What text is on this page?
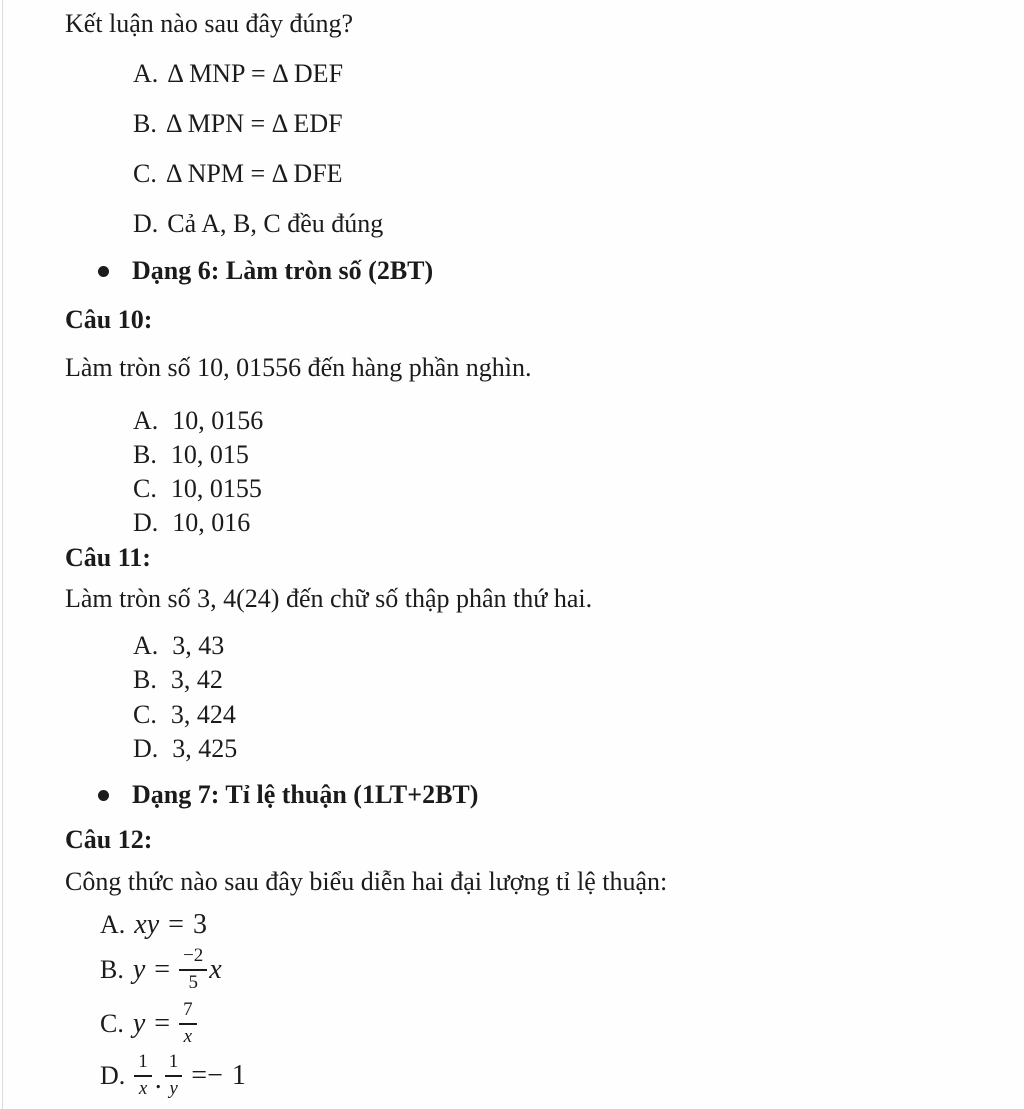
Kết luận nào sau đây đúng?
A. Δ MNP = Δ DEF
B. Δ MPN = Δ EDF
C. Δ NPM = Δ DFE
D. Cả A, B, C đều đúng
Dạng 6: Làm tròn số (2BT)
Câu 10:
Làm tròn số 10, 01556 đến hàng phần nghìn.
A. 10, 0156
B. 10, 015
C. 10, 0155
D. 10, 016
Câu 11:
Làm tròn số 3, 4(24) đến chữ số thập phân thứ hai.
A. 3, 43
B. 3, 42
C. 3, 424
D. 3, 425
Dạng 7: Tỉ lệ thuận (1LT+2BT)
Câu 12:
Công thức nào sau đây biểu diễn hai đại lượng tỉ lệ thuận:
A. xy = 3
B. $y = \frac{-2}{5}$ x
C. $y = \frac{7}{x}$
D. $\frac{1}{x}$ . $\frac{1}{y} =- 1$
